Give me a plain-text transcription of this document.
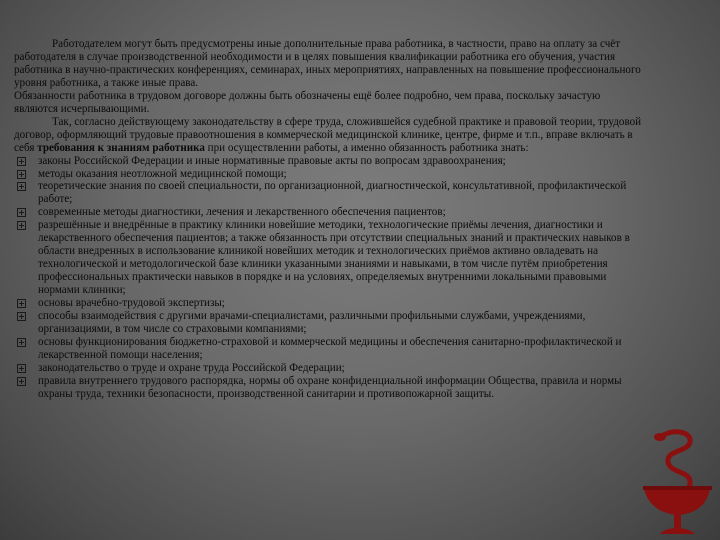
Работодателем могут быть предусмотрены иные дополнительные права работника, в частности, право на оплату за счёт работодателя в случае производственной необходимости и в целях повышения квалификации работника его обучения, участия работника в научно-практических конференциях, семинарах, иных мероприятиях, направленных на повышение профессионального уровня работника, а также иные права.

Обязанности работника в трудовом договоре должны быть обозначены ещё более подробно, чем права, поскольку зачастую являются исчерпывающими.

Так, согласно действующему законодательству в сфере труда, сложившейся судебной практике и правовой теории, трудовой договор, оформляющий трудовые правоотношения в коммерческой медицинской клинике, центре, фирме и т.п., вправе включать в себя требования к знаниям работника при осуществлении работы, а именно обязанность работника знать:

законы Российской Федерации и иные нормативные правовые акты по вопросам здравоохранения;
методы оказания неотложной медицинской помощи;
теоретические знания по своей специальности, по организационной, диагностической, консультативной, профилактической работе;
современные методы диагностики, лечения и лекарственного обеспечения пациентов;
разрешённые и внедрённые в практику клиники новейшие методики, технологические приёмы лечения, диагностики и лекарственного обеспечения пациентов; а также обязанность при отсутствии специальных знаний и практических навыков в области внедренных в использование клиникой новейших методик и технологических приёмов активно овладевать на технологической и методологической базе клиники указанными знаниями и навыками, в том числе путём приобретения профессиональных практически навыков в порядке и на условиях, определяемых внутренними локальными правовыми нормами клиники;
основы врачебно-трудовой экспертизы;
способы взаимодействия с другими врачами-специалистами, различными профильными службами, учреждениями, организациями, в том числе со страховыми компаниями;
основы функционирования бюджетно-страховой и коммерческой медицины и обеспечения санитарно-профилактической и лекарственной помощи населения;
законодательство о труде и охране труда Российской Федерации;
правила внутреннего трудового распорядка, нормы об охране конфиденциальной информации Общества, правила и нормы охраны труда, техники безопасности, производственной санитарии и противопожарной защиты.
